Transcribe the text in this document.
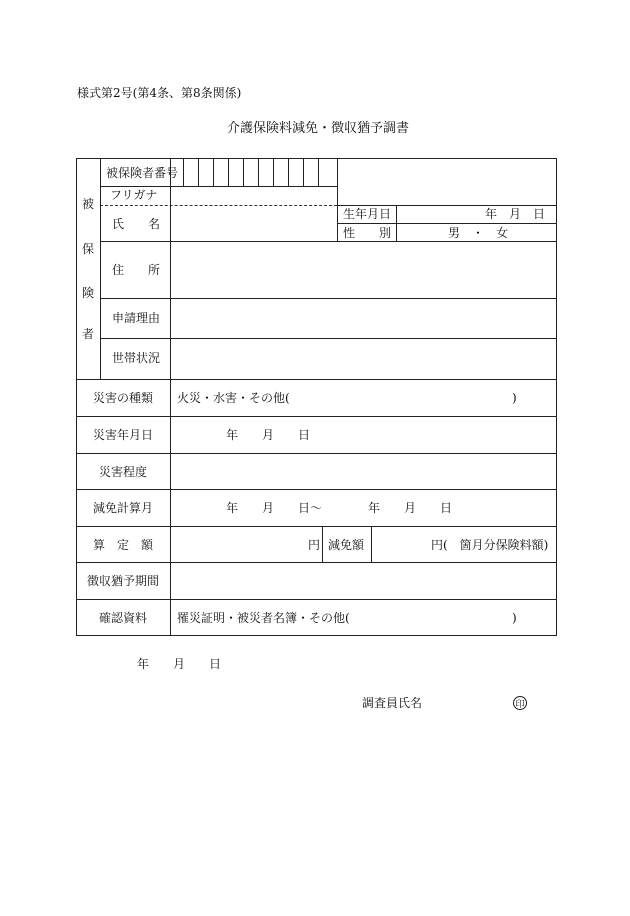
様式第2号(第4条、第8条関係)
介護保険料減免・徴収猶予調書
被
保
険
者
被保険者番号
フリガナ
氏　　名
生年月日	年　月　日
性　　別	男　・　女
住　　所
申請理由
世帯状況
災害の種類	火災・水害・その他(	)
災害年月日	年　　月　　日
災害程度
減免計算月	年　　月　　日〜	年　　月　　日
算　定　額	円 減免額	円(　箇月分保険料額)
徴収猶予期間
確認資料	罹災証明・被災者名簿・その他(	)
年　　月　　日
調査員氏名	印
